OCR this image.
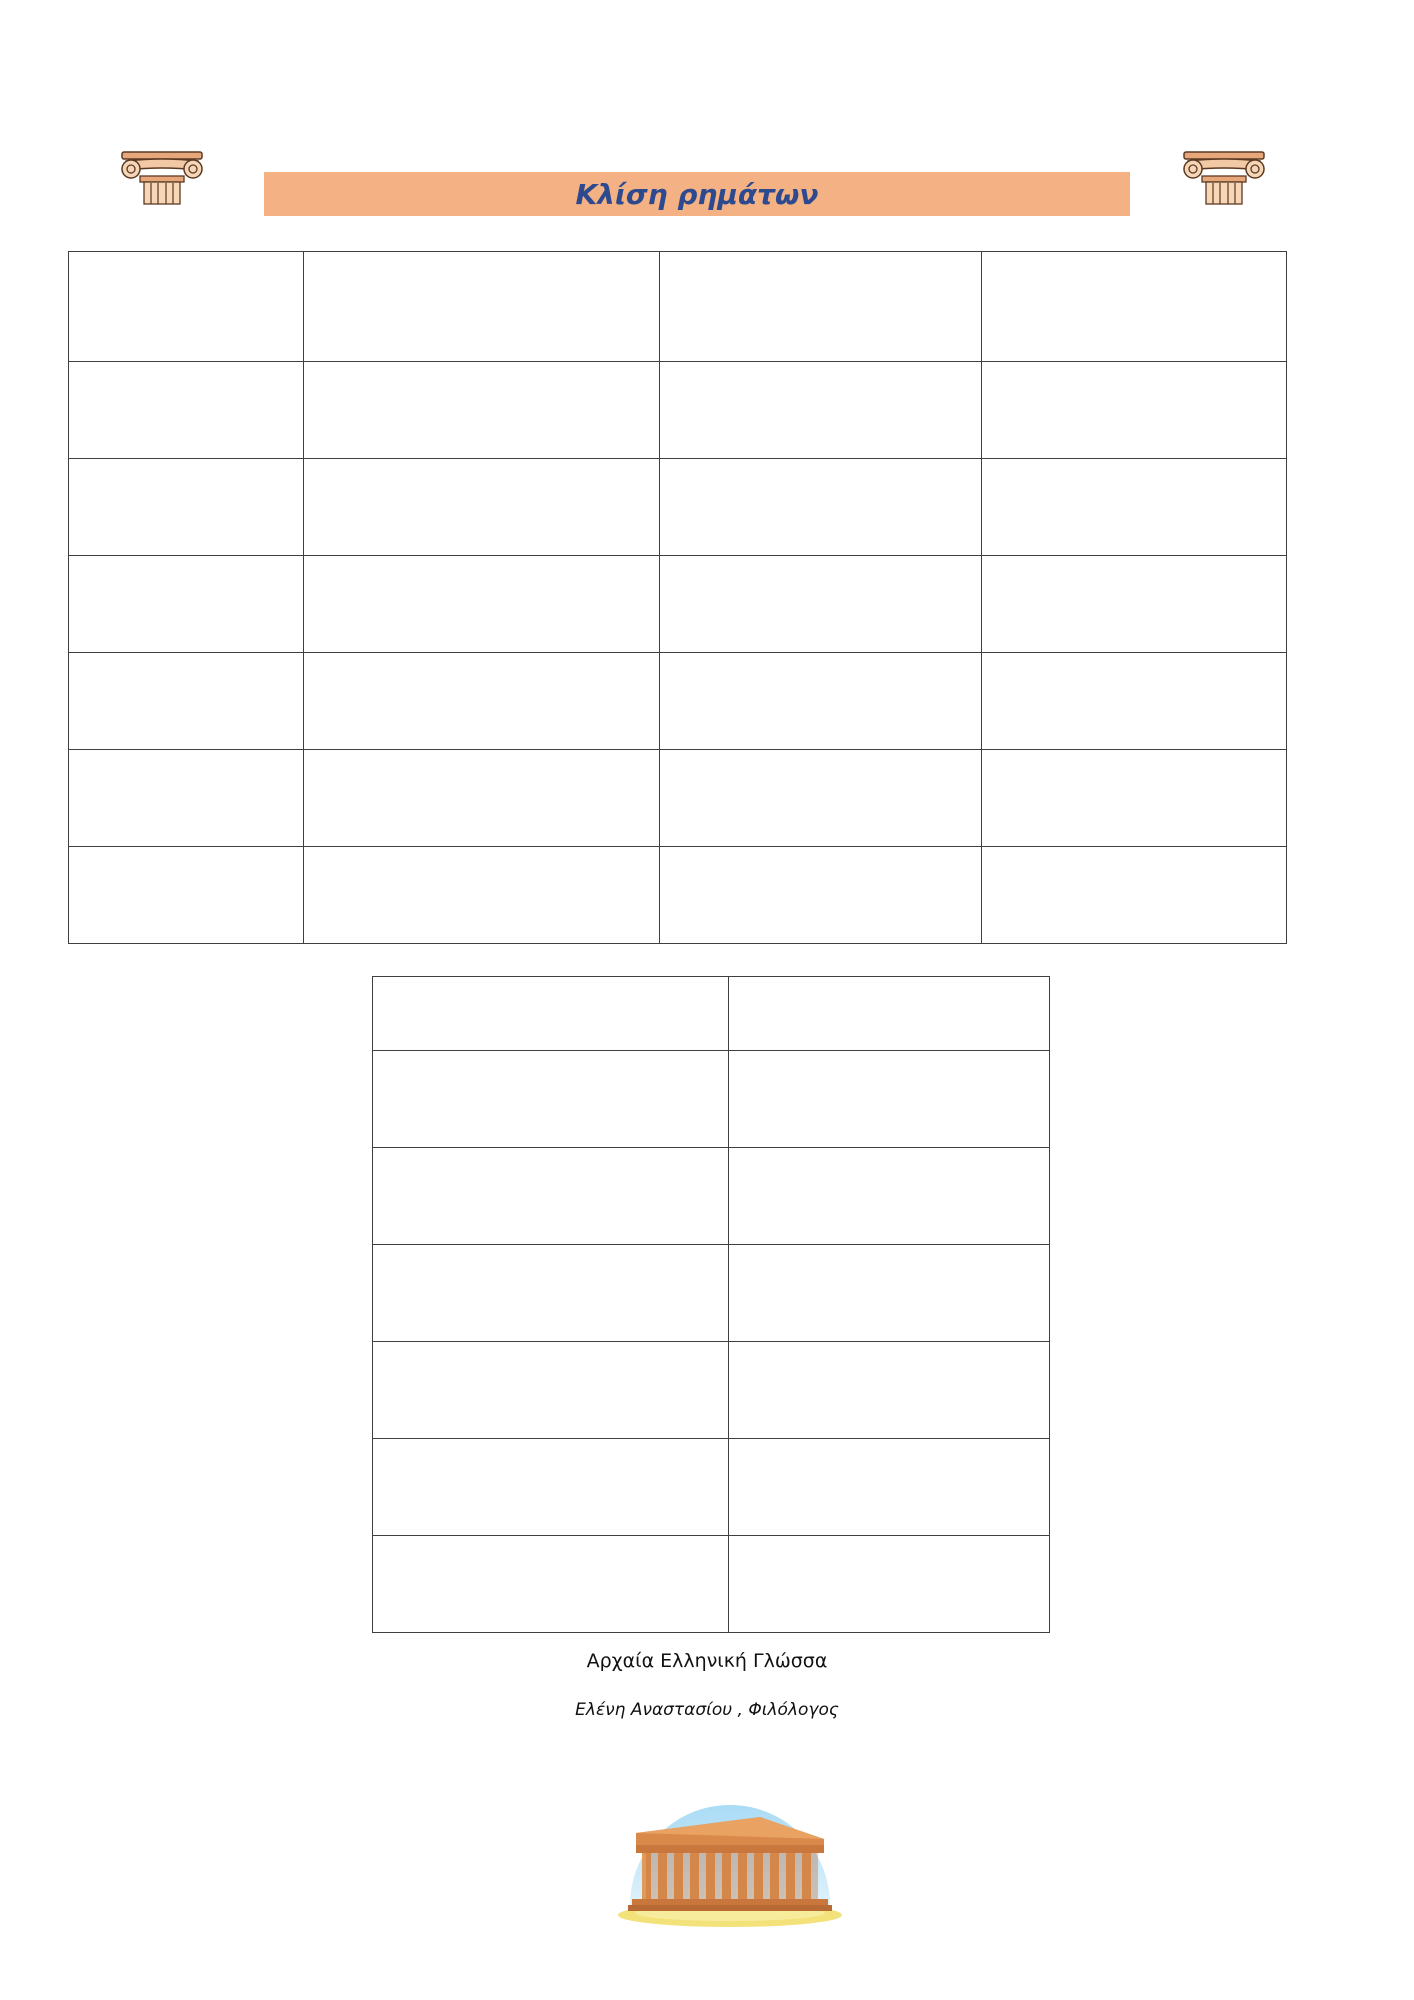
Κλίση ρημάτων

Αρχαία Ελληνική Γλώσσα
Ελένη Αναστασίου , Φιλόλογος
